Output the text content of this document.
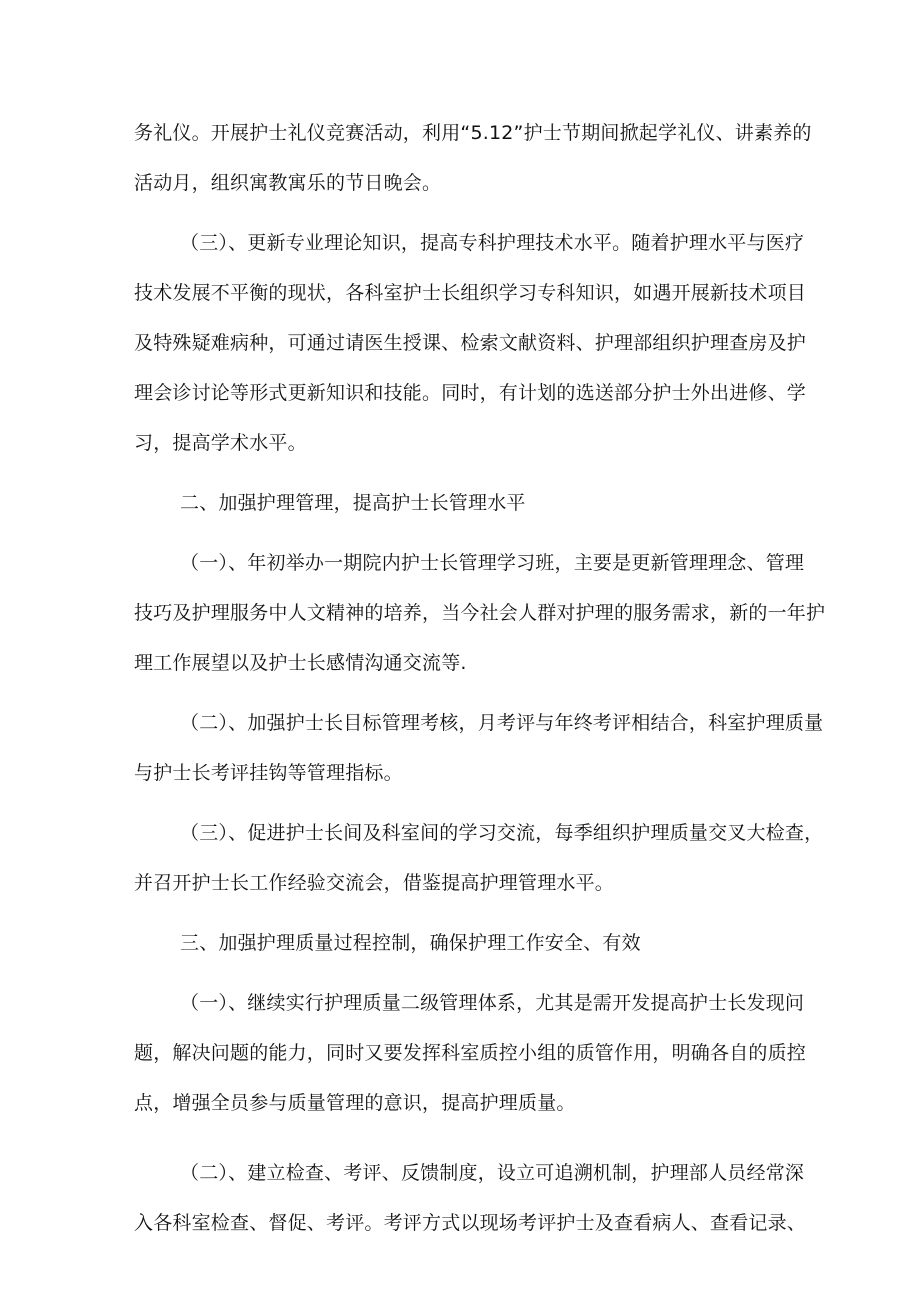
务礼仪。开展护士礼仪竞赛活动，利用“5.12”护士节期间掀起学礼仪、讲素养的
活动月，组织寓教寓乐的节日晚会。
（三）、更新专业理论知识，提高专科护理技术水平。随着护理水平与医疗
技术发展不平衡的现状，各科室护士长组织学习专科知识，如遇开展新技术项目
及特殊疑难病种，可通过请医生授课、检索文献资料、护理部组织护理查房及护
理会诊讨论等形式更新知识和技能。同时，有计划的选送部分护士外出进修、学
习，提高学术水平。
二、加强护理管理，提高护士长管理水平
（一）、年初举办一期院内护士长管理学习班，主要是更新管理理念、管理
技巧及护理服务中人文精神的培养，当今社会人群对护理的服务需求，新的一年护
理工作展望以及护士长感情沟通交流等.
（二）、加强护士长目标管理考核，月考评与年终考评相结合，科室护理质量
与护士长考评挂钩等管理指标。
（三）、促进护士长间及科室间的学习交流，每季组织护理质量交叉大检查，
并召开护士长工作经验交流会，借鉴提高护理管理水平。
三、加强护理质量过程控制，确保护理工作安全、有效
（一）、继续实行护理质量二级管理体系，尤其是需开发提高护士长发现问
题，解决问题的能力，同时又要发挥科室质控小组的质管作用，明确各自的质控
点，增强全员参与质量管理的意识，提高护理质量。
（二）、建立检查、考评、反馈制度，设立可追溯机制，护理部人员经常深
入各科室检查、督促、考评。考评方式以现场考评护士及查看病人、查看记录、
